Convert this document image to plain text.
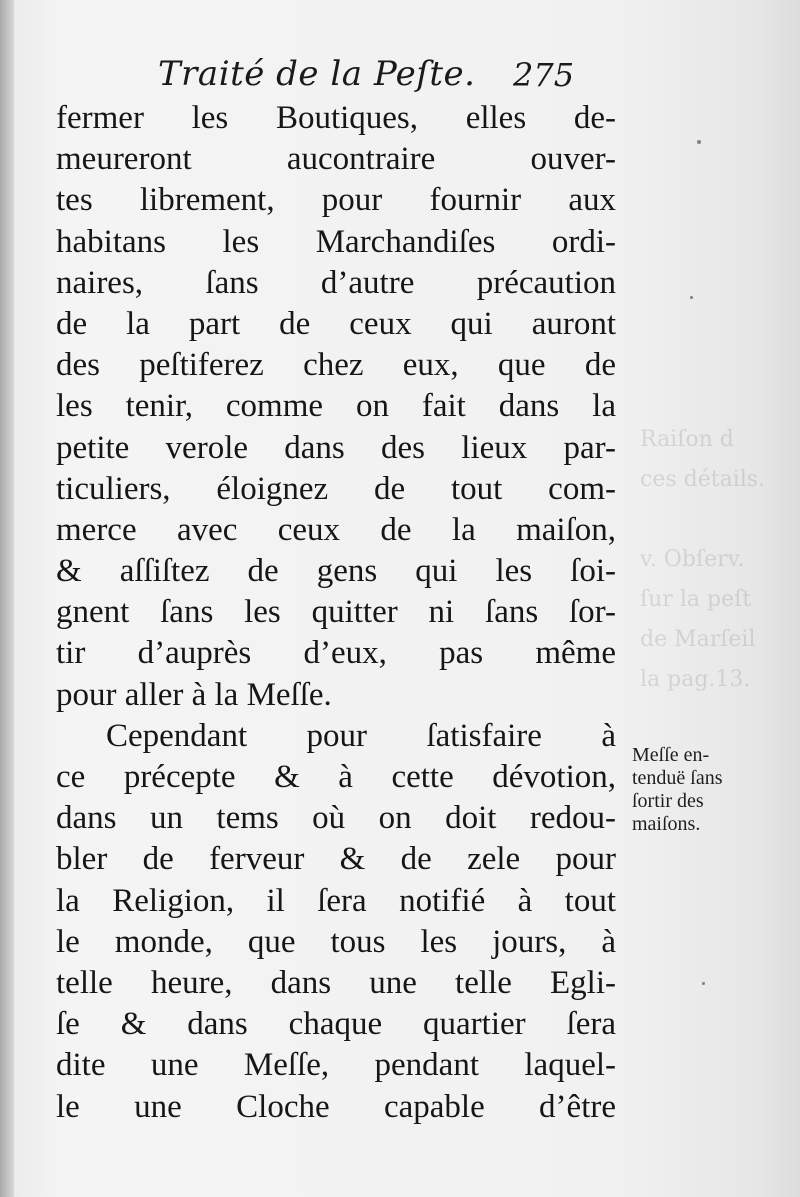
Raiſon d
ces détails.

v. Obſerv.
ſur la peſt
de Marſeil
la pag.13.
Traité de la Peſte. 275
fermer les Boutiques, elles de-
meureront aucontraire ouver-
tes librement, pour fournir aux
habitans les Marchandiſes ordi-
naires, ſans d’autre précaution
de la part de ceux qui auront
des peſtiferez chez eux, que de
les tenir, comme on fait dans la
petite verole dans des lieux par-
ticuliers, éloignez de tout com-
merce avec ceux de la maiſon,
& aſſiſtez de gens qui les ſoi-
gnent ſans les quitter ni ſans ſor-
tir d’auprès d’eux, pas même
pour aller à la Meſſe.
Cependant pour ſatisfaire à
ce précepte & à cette dévotion,
dans un tems où on doit redou-
bler de ferveur & de zele pour
la Religion, il ſera notifié à tout
le monde, que tous les jours, à
telle heure, dans une telle Egli-
ſe & dans chaque quartier ſera
dite une Meſſe, pendant laquel-
le une Cloche capable d’être
Meſſe en-
tenduë ſans
ſortir des
maiſons.
